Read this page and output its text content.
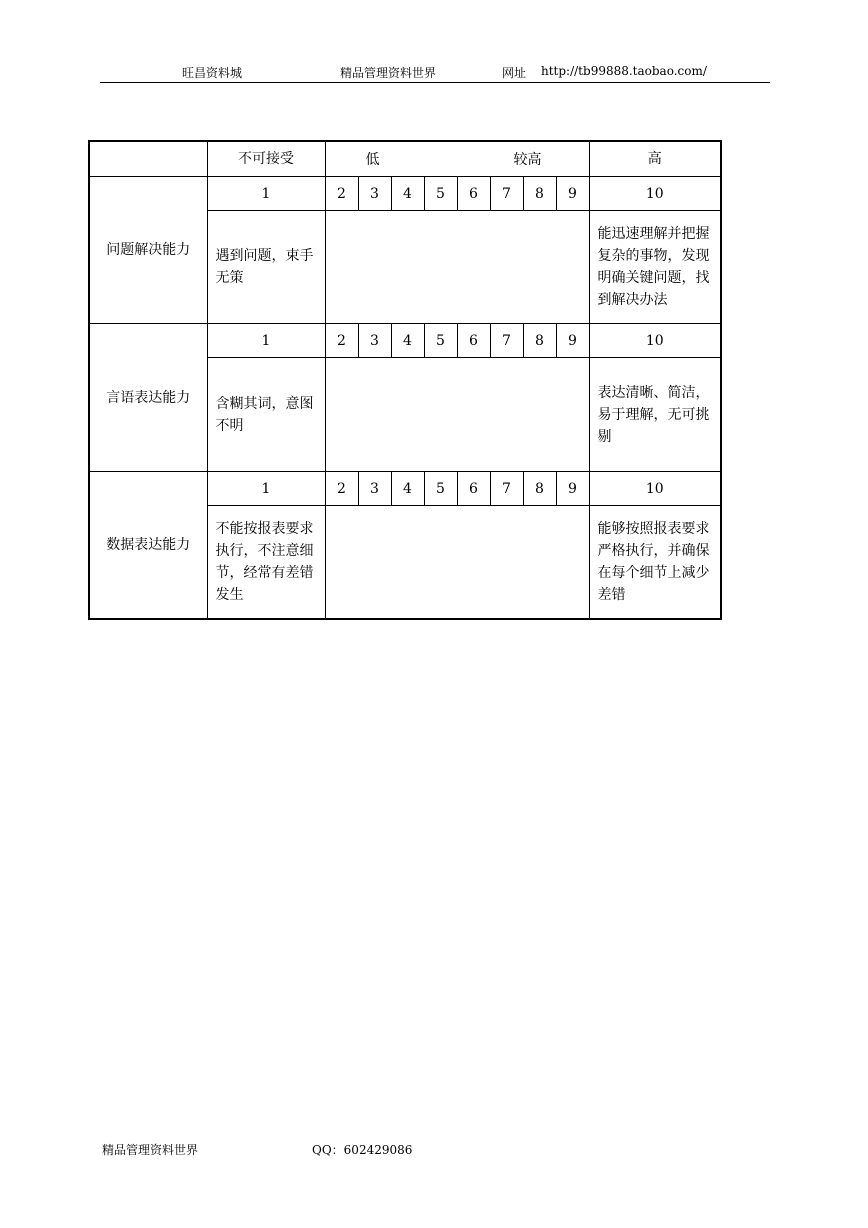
旺昌资料城	精品管理资料世界	网址 http://tb99888.taobao.com/
	不可接受	低 较高								高
问题解决能力	1	2	3	4	5	6	7	8	9	10
	遇到问题，束手无策									能迅速理解并把握复杂的事物，发现明确关键问题，找到解决办法
言语表达能力	1	2	3	4	5	6	7	8	9	10
	含糊其词，意图不明									表达清晰、简洁，易于理解，无可挑剔
数据表达能力	1	2	3	4	5	6	7	8	9	10
	不能按报表要求执行，不注意细节，经常有差错发生									能够按照报表要求严格执行，并确保在每个细节上减少差错
精品管理资料世界	QQ：602429086
